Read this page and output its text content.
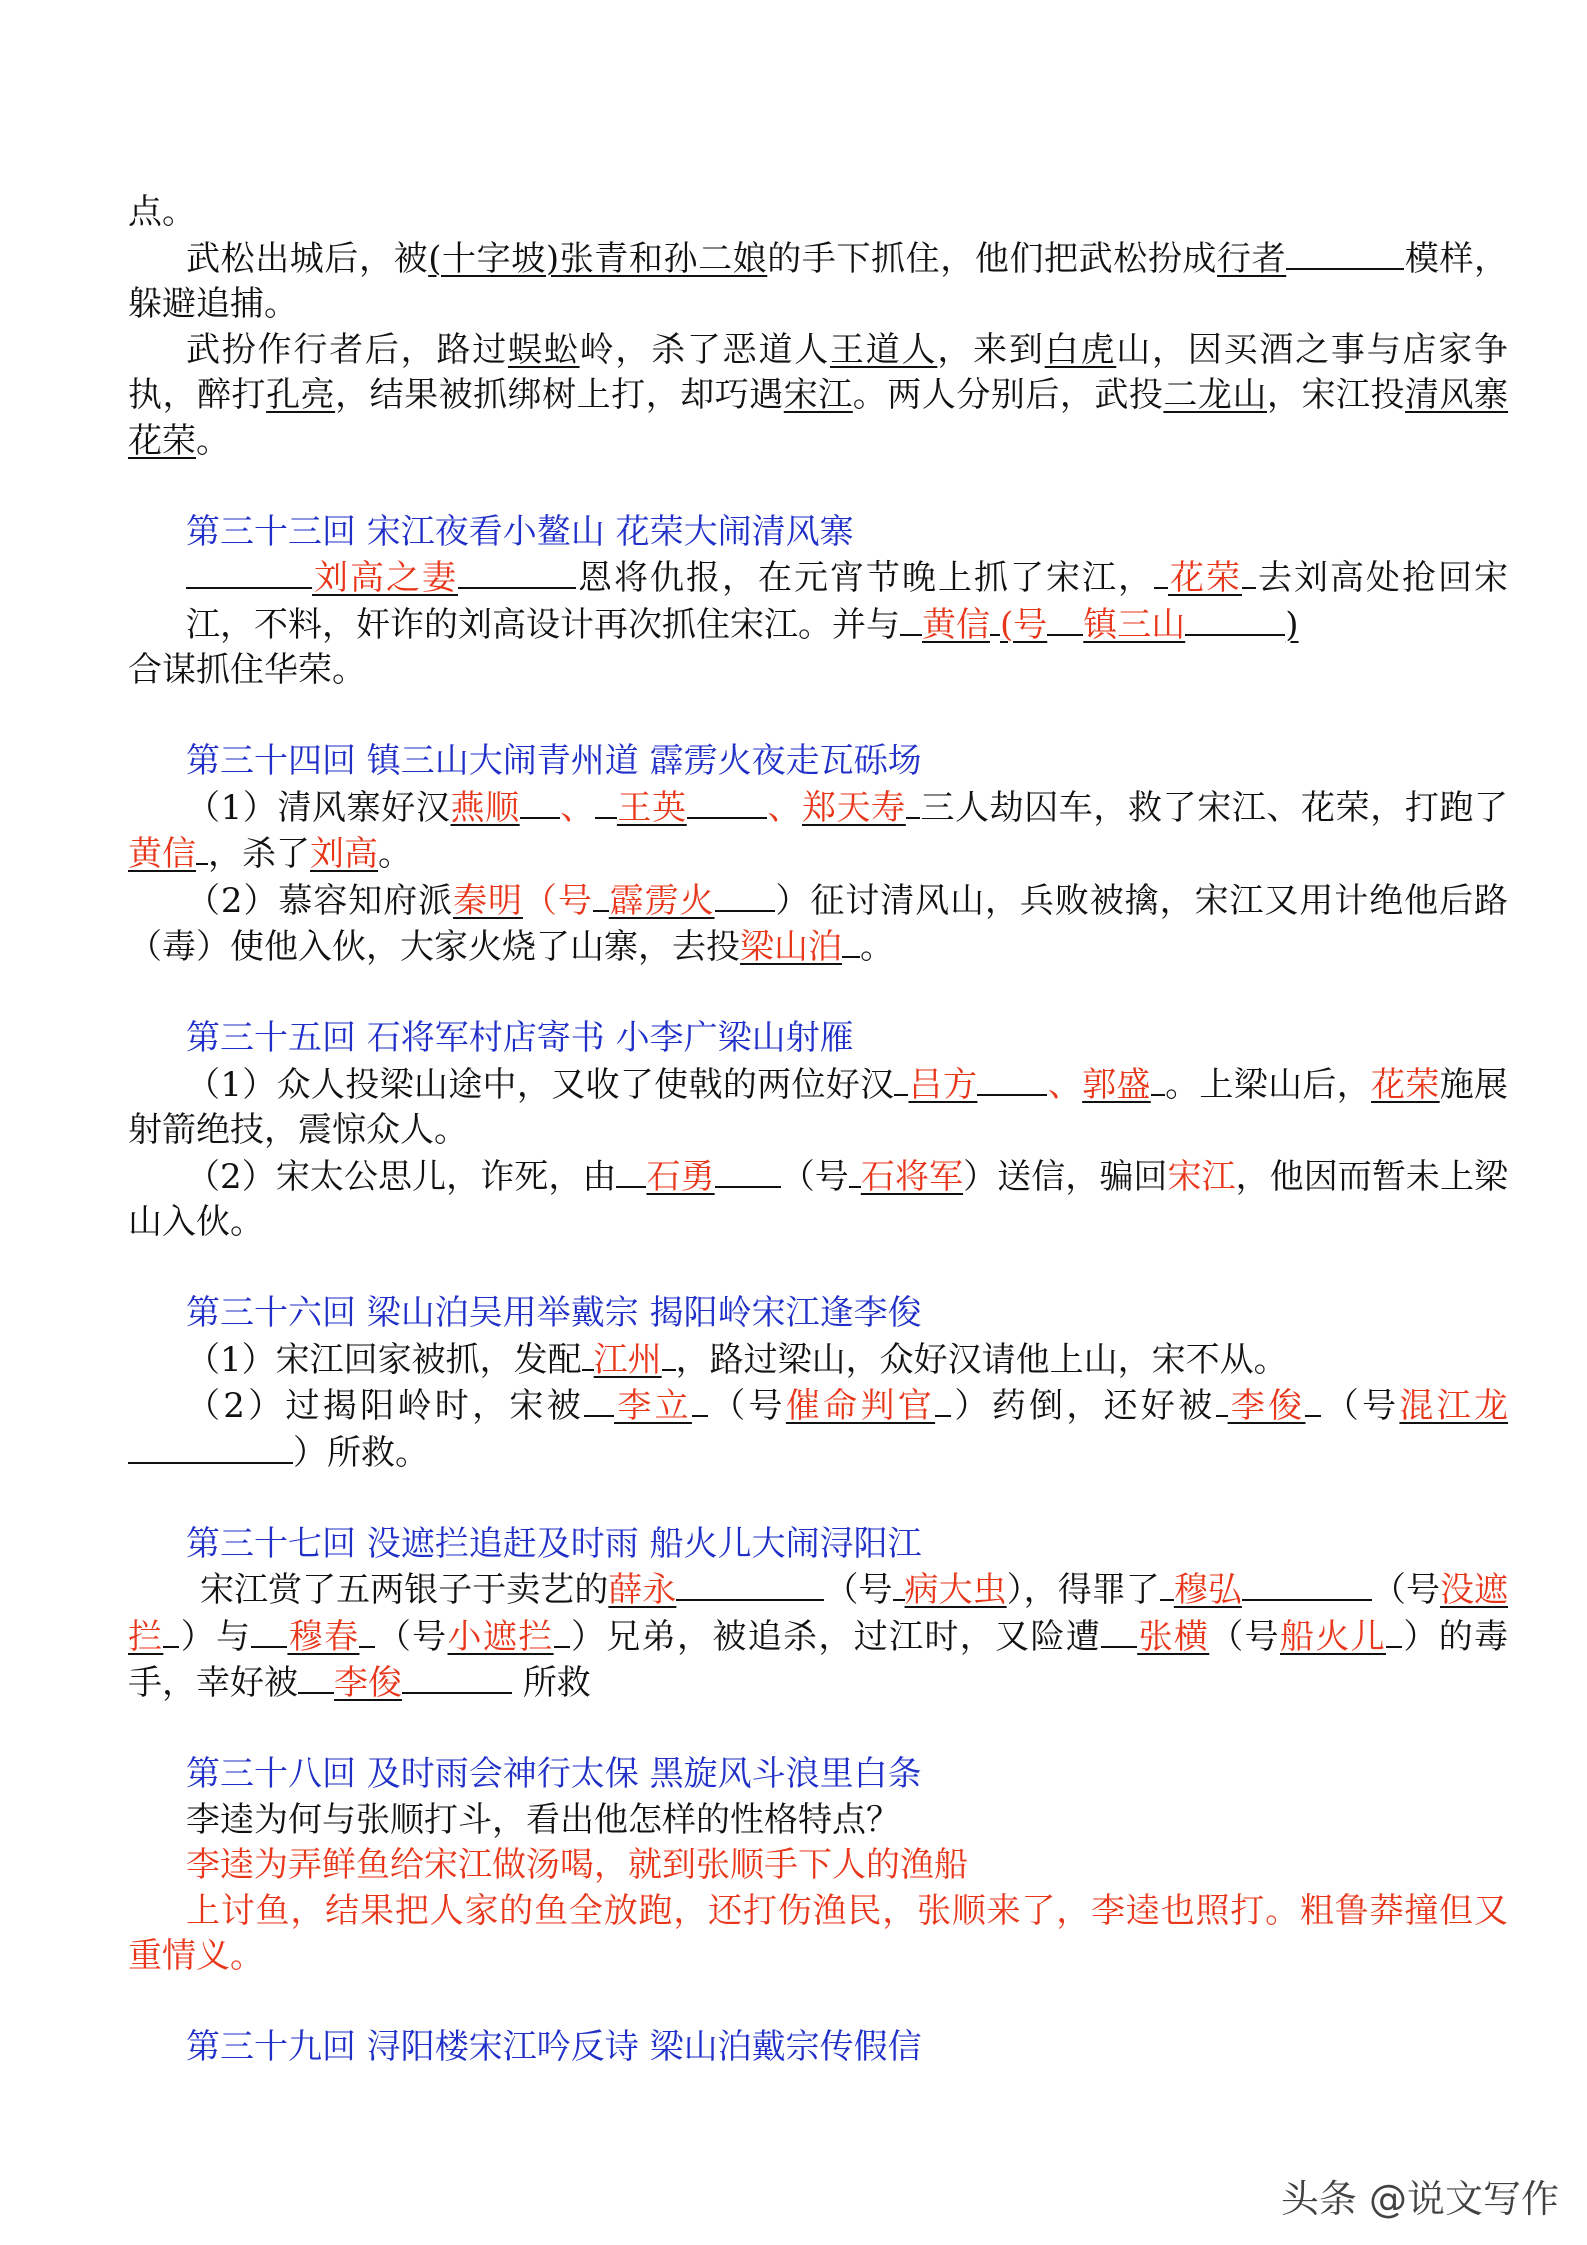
点。

武松出城后，被(十字坡)张青和孙二娘的手下抓住，他们把武松扮成行者	模样，躲避追捕。

武扮作行者后，路过蜈蚣岭，杀了恶道人王道人，来到白虎山，因买酒之事与店家争执，醉打孔亮，结果被抓绑树上打，却巧遇宋江。两人分别后，武投二龙山，宋江投清风寨花荣。

第三十三回 宋江夜看小鳌山 花荣大闹清风寨

刘高之妻	恩将仇报，在元宵节晚上抓了宋江， 花荣 去刘高处抢回宋江，不料，奸诈的刘高设计再次抓住宋江。并与 黄信 (号 镇三山	)

合谋抓住华荣。

第三十四回 镇三山大闹青州道 霹雳火夜走瓦砾场

（1）清风寨好汉燕顺 、 王英 、郑天寿 三人劫囚车，救了宋江、花荣，打跑了黄信 ，杀了刘高。

（2）慕容知府派秦明（号 霹雳火 ）征讨清风山，兵败被擒，宋江又用计绝他后路（毒）使他入伙，大家火烧了山寨，去投梁山泊 。

第三十五回 石将军村店寄书 小李广梁山射雁

（1）众人投梁山途中，又收了使戟的两位好汉 吕方 、郭盛 。上梁山后，花荣施展射箭绝技，震惊众人。

（2）宋太公思儿，诈死，由 石勇 （号 石将军）送信，骗回宋江，他因而暂未上梁山入伙。

第三十六回 梁山泊吴用举戴宗 揭阳岭宋江逢李俊

（1）宋江回家被抓，发配 江州 ，路过梁山，众好汉请他上山，宋不从。

（2）过揭阳岭时，宋被 李立 （号催命判官 ）药倒，还好被 李俊 （号混江龙）所救。

第三十七回 没遮拦追赶及时雨 船火儿大闹浔阳江

宋江赏了五两银子于卖艺的薛永	（号 病大虫），得罪了 穆弘	（号没遮拦 ）与 穆春 （号小遮拦 ）兄弟，被追杀，过江时，又险遭 张横（号船火儿 ）的毒手，幸好被 李俊	所救

第三十八回 及时雨会神行太保 黑旋风斗浪里白条

李逵为何与张顺打斗，看出他怎样的性格特点？

李逵为弄鲜鱼给宋江做汤喝，就到张顺手下人的渔船

上讨鱼，结果把人家的鱼全放跑，还打伤渔民，张顺来了，李逵也照打。粗鲁莽撞但又重情义。

第三十九回 浔阳楼宋江吟反诗 梁山泊戴宗传假信

头条 @说文写作
